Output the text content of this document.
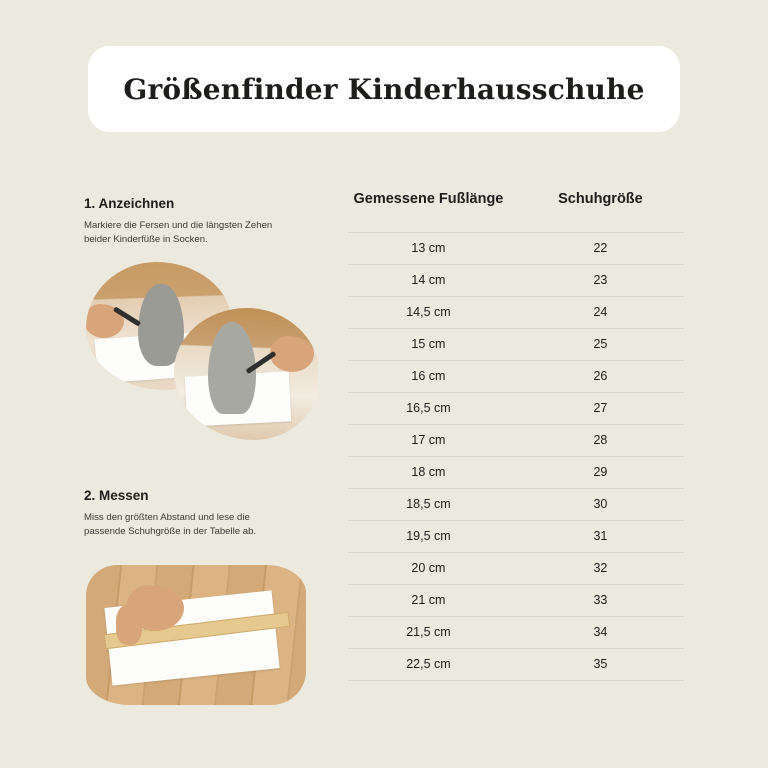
Größenfinder Kinderhausschuhe

1. Anzeichnen

Markiere die Fersen und die längsten Zehen beider Kinderfüße in Socken.

2. Messen

Miss den größten Abstand und lese die passende Schuhgröße in der Tabelle ab.

Gemessene Fußlänge	Schuhgröße
13 cm	22
14 cm	23
14,5 cm	24
15 cm	25
16 cm	26
16,5 cm	27
17 cm	28
18 cm	29
18,5 cm	30
19,5 cm	31
20 cm	32
21 cm	33
21,5 cm	34
22,5 cm	35
